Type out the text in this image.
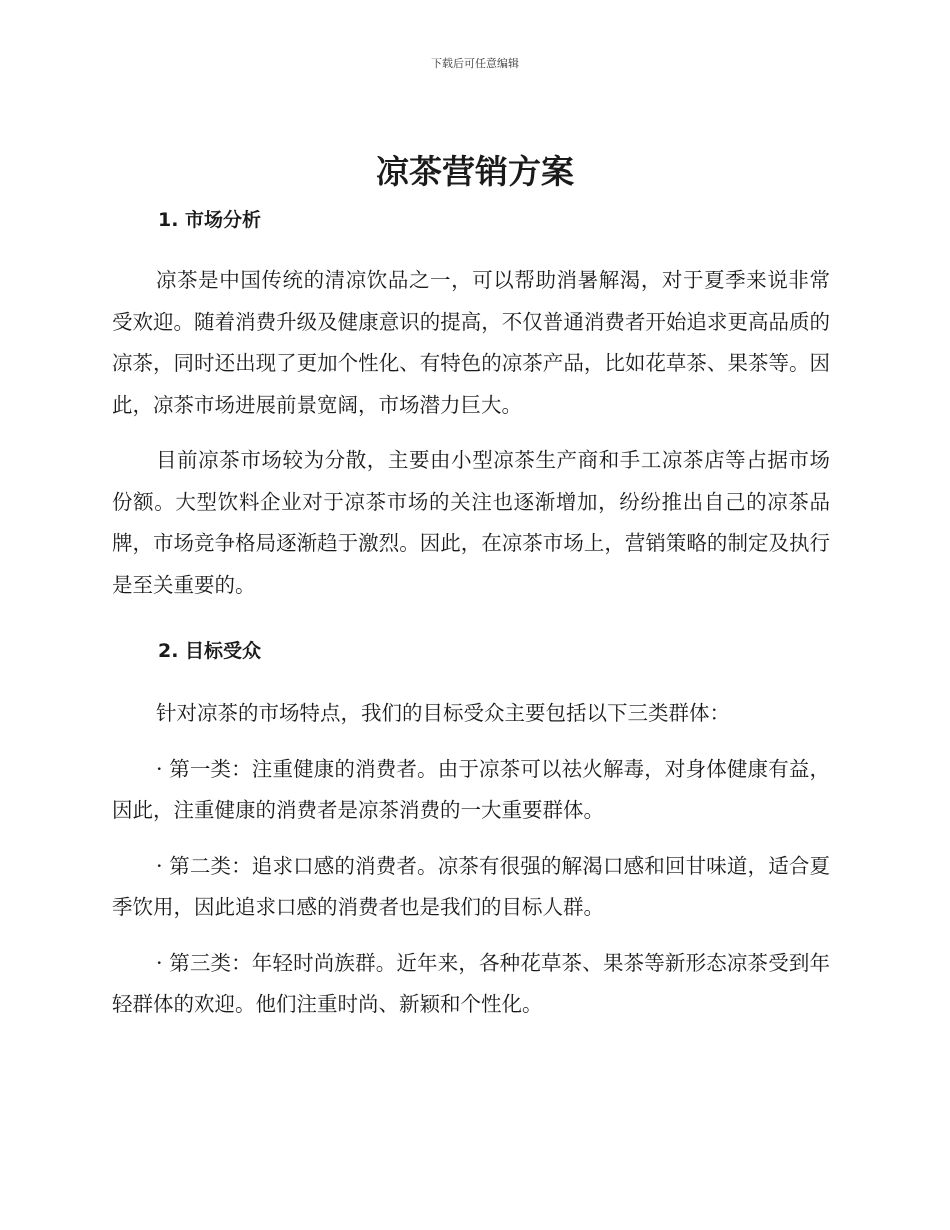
下载后可任意编辑
凉茶营销方案
1. 市场分析

凉茶是中国传统的清凉饮品之一，可以帮助消暑解渴，对于夏季来说非常受欢迎。随着消费升级及健康意识的提高，不仅普通消费者开始追求更高品质的凉茶，同时还出现了更加个性化、有特色的凉茶产品，比如花草茶、果茶等。因此，凉茶市场进展前景宽阔，市场潜力巨大。

目前凉茶市场较为分散，主要由小型凉茶生产商和手工凉茶店等占据市场份额。大型饮料企业对于凉茶市场的关注也逐渐增加，纷纷推出自己的凉茶品牌，市场竞争格局逐渐趋于激烈。因此，在凉茶市场上，营销策略的制定及执行是至关重要的。

2. 目标受众

针对凉茶的市场特点，我们的目标受众主要包括以下三类群体：

· 第一类：注重健康的消费者。由于凉茶可以祛火解毒，对身体健康有益，因此，注重健康的消费者是凉茶消费的一大重要群体。

· 第二类：追求口感的消费者。凉茶有很强的解渴口感和回甘味道，适合夏季饮用，因此追求口感的消费者也是我们的目标人群。

· 第三类：年轻时尚族群。近年来，各种花草茶、果茶等新形态凉茶受到年轻群体的欢迎。他们注重时尚、新颖和个性化。
